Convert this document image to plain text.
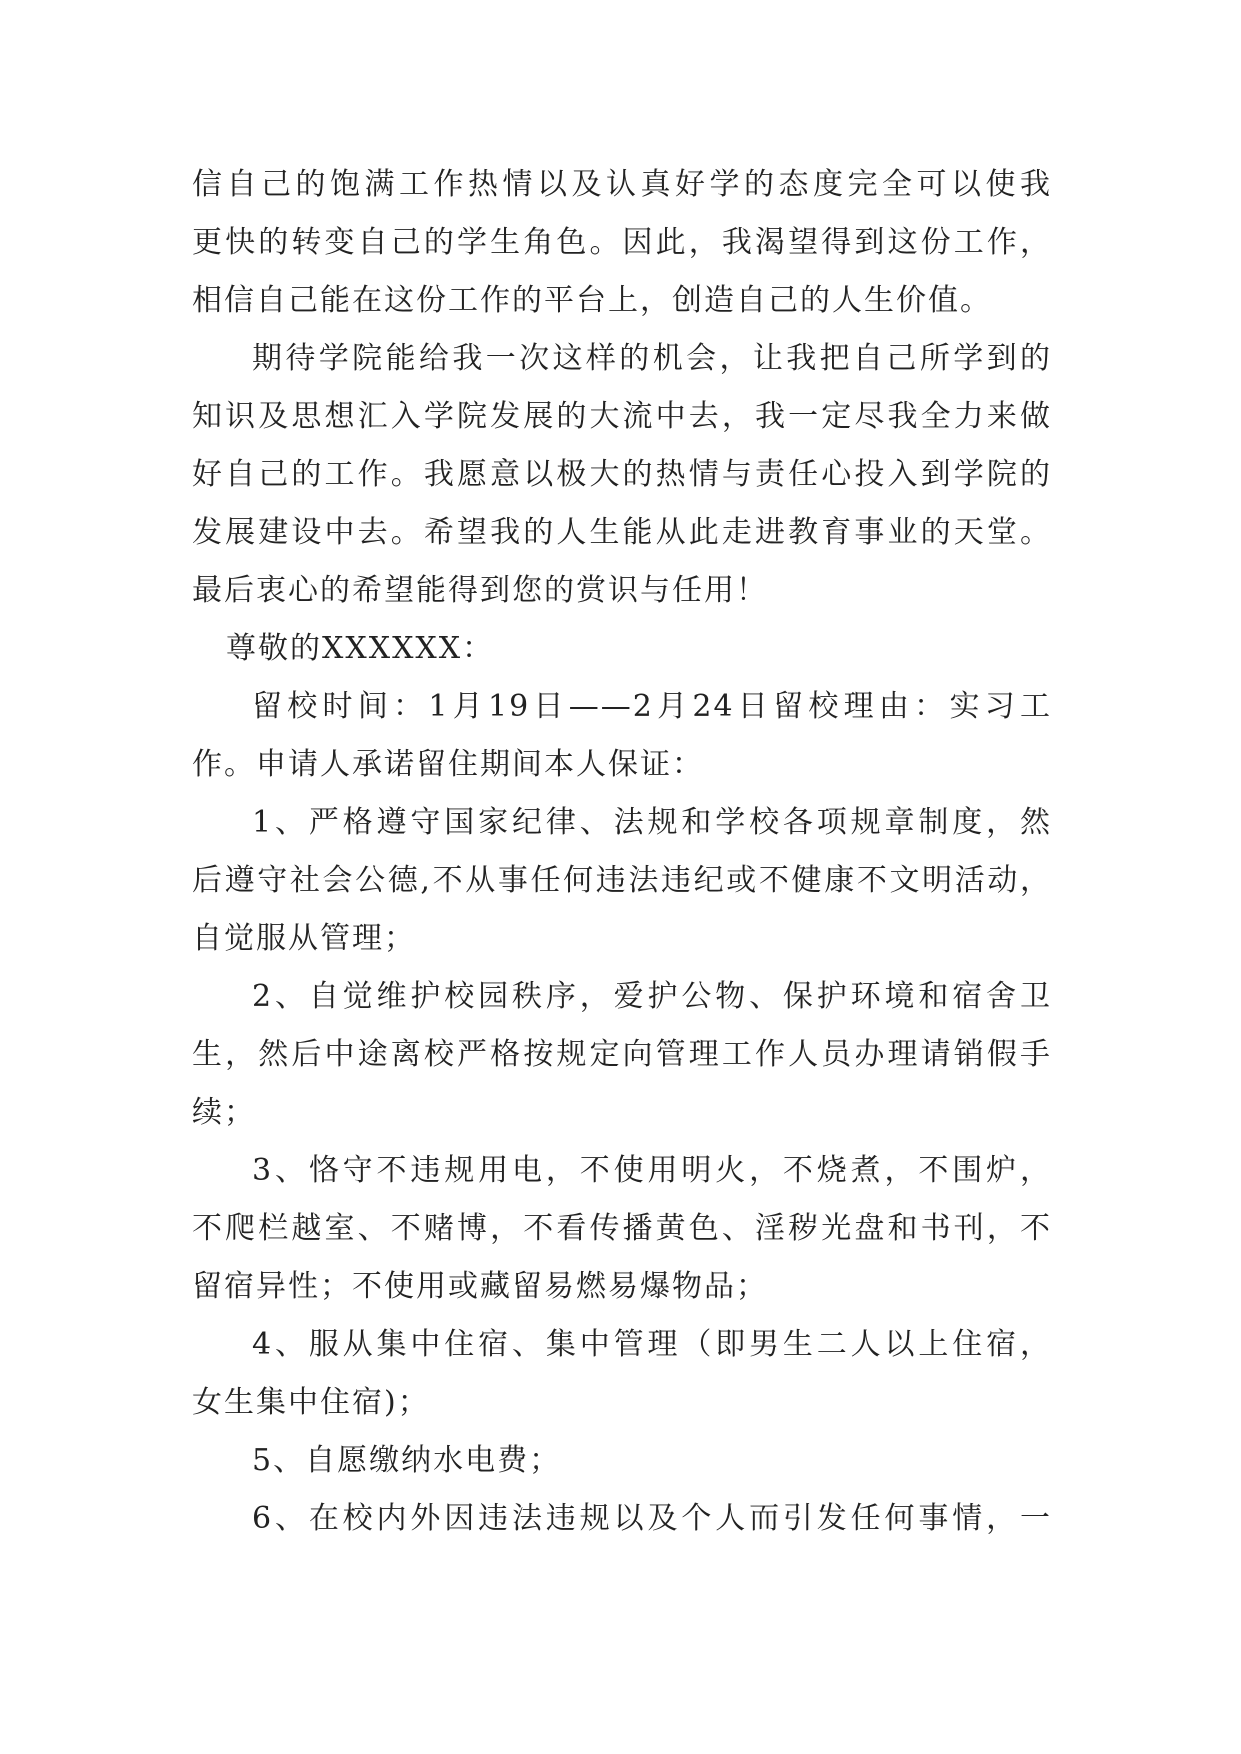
信自己的饱满工作热情以及认真好学的态度完全可以使我
更快的转变自己的学生角色。因此，我渴望得到这份工作，
相信自己能在这份工作的平台上，创造自己的人生价值。
期待学院能给我一次这样的机会，让我把自己所学到的
知识及思想汇入学院发展的大流中去，我一定尽我全力来做
好自己的工作。我愿意以极大的热情与责任心投入到学院的
发展建设中去。希望我的人生能从此走进教育事业的天堂。
最后衷心的希望能得到您的赏识与任用！
尊敬的XXXXXX：
留校时间：1月19日——2月24日留校理由：实习工
作。申请人承诺留住期间本人保证：
1、严格遵守国家纪律、法规和学校各项规章制度，然
后遵守社会公德,不从事任何违法违纪或不健康不文明活动，
自觉服从管理；
2、自觉维护校园秩序，爱护公物、保护环境和宿舍卫
生，然后中途离校严格按规定向管理工作人员办理请销假手
续；
3、恪守不违规用电，不使用明火，不烧煮，不围炉，
不爬栏越室、不赌博，不看传播黄色、淫秽光盘和书刊，不
留宿异性；不使用或藏留易燃易爆物品；
4、服从集中住宿、集中管理（即男生二人以上住宿，
女生集中住宿)；
5、自愿缴纳水电费；
6、在校内外因违法违规以及个人而引发任何事情，一
